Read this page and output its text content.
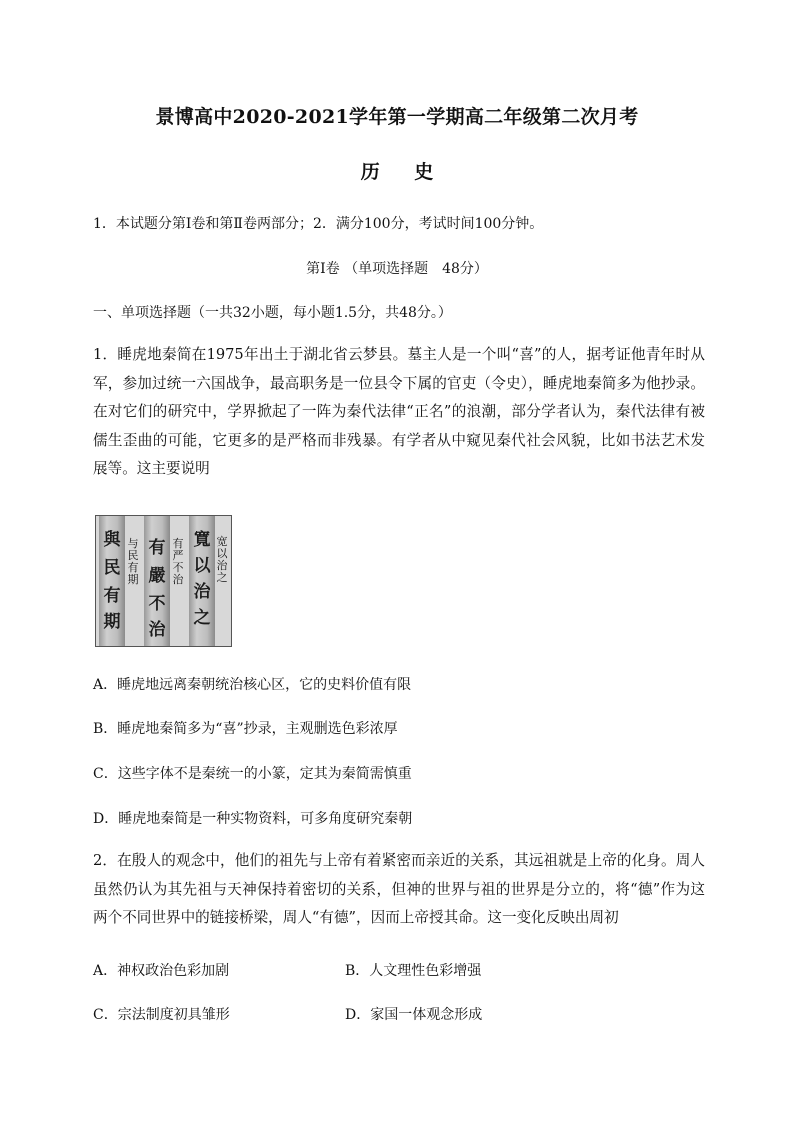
景博高中2020-2021学年第一学期高二年级第二次月考
历 史
1．本试题分第Ⅰ卷和第Ⅱ卷两部分；2．满分100分，考试时间100分钟。
第Ⅰ卷 （单项选择题　48分）
一、单项选择题（一共32小题，每小题1.5分，共48分。）
1．睡虎地秦简在1975年出土于湖北省云梦县。墓主人是一个叫“喜”的人，据考证他青年时从军，参加过统一六国战争，最高职务是一位县令下属的官吏（令史），睡虎地秦简多为他抄录。在对它们的研究中，学界掀起了一阵为秦代法律“正名”的浪潮，部分学者认为，秦代法律有被儒生歪曲的可能，它更多的是严格而非残暴。有学者从中窥见秦代社会风貌，比如书法艺术发展等。这主要说明
與
民
有
期
与民有期
有
嚴
不
治
有严不治
寬
以
治
之
宽以治之
A．睡虎地远离秦朝统治核心区，它的史料价值有限
B．睡虎地秦简多为“喜”抄录，主观删选色彩浓厚
C．这些字体不是秦统一的小篆，定其为秦简需慎重
D．睡虎地秦简是一种实物资料，可多角度研究秦朝
2．在殷人的观念中，他们的祖先与上帝有着紧密而亲近的关系，其远祖就是上帝的化身。周人虽然仍认为其先祖与天神保持着密切的关系，但神的世界与祖的世界是分立的，将“德”作为这两个不同世界中的链接桥梁，周人“有德”，因而上帝授其命。这一变化反映出周初
A．神权政治色彩加剧	B．人文理性色彩增强
C．宗法制度初具雏形	D．家国一体观念形成
